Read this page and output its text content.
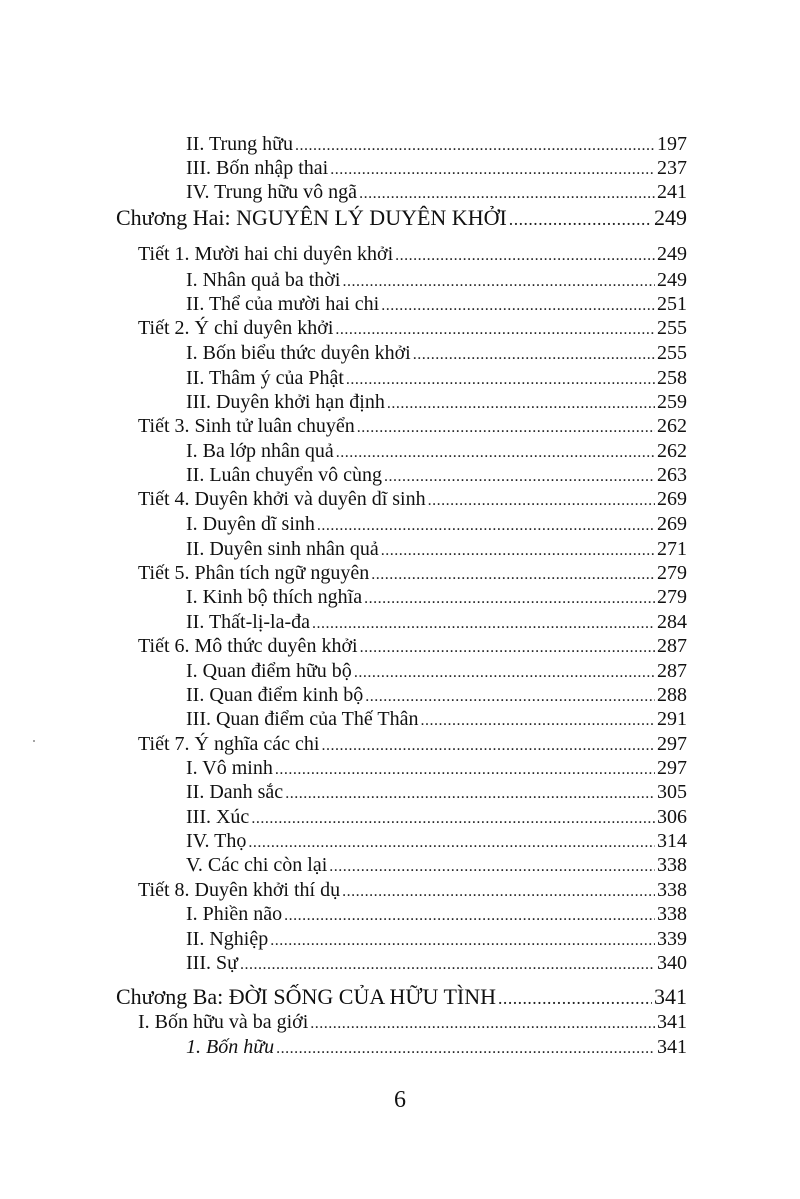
II. Trung hữu .....	197
III. Bốn nhập thai .....	237
IV. Trung hữu vô ngã .....	241
Chương Hai: NGUYÊN LÝ DUYÊN KHỞI .....	249
Tiết 1. Mười hai chi duyên khởi .....	249
I. Nhân quả ba thời .....	249
II. Thể của mười hai chi .....	251
Tiết 2. Ý chỉ duyên khởi .....	255
I. Bốn biểu thức duyên khởi .....	255
II. Thâm ý của Phật .....	258
III. Duyên khởi hạn định .....	259
Tiết 3. Sinh tử luân chuyển .....	262
I. Ba lớp nhân quả .....	262
II. Luân chuyển vô cùng .....	263
Tiết 4. Duyên khởi và duyên dĩ sinh .....	269
I. Duyên dĩ sinh .....	269
II. Duyên sinh nhân quả .....	271
Tiết 5. Phân tích ngữ nguyên .....	279
I. Kinh bộ thích nghĩa .....	279
II. Thất-lị-la-đa .....	284
Tiết 6. Mô thức duyên khởi .....	287
I. Quan điểm hữu bộ .....	287
II. Quan điểm kinh bộ .....	288
III. Quan điểm của Thế Thân .....	291
Tiết 7. Ý nghĩa các chi .....	297
I. Vô minh .....	297
II. Danh sắc .....	305
III. Xúc .....	306
IV. Thọ .....	314
V. Các chi còn lại .....	338
Tiết 8. Duyên khởi thí dụ .....	338
I. Phiền não .....	338
II. Nghiệp .....	339
III. Sự .....	340
Chương Ba: ĐỜI SỐNG CỦA HỮU TÌNH .....	341
I. Bốn hữu và ba giới .....	341
1. Bốn hữu .....	341
6
